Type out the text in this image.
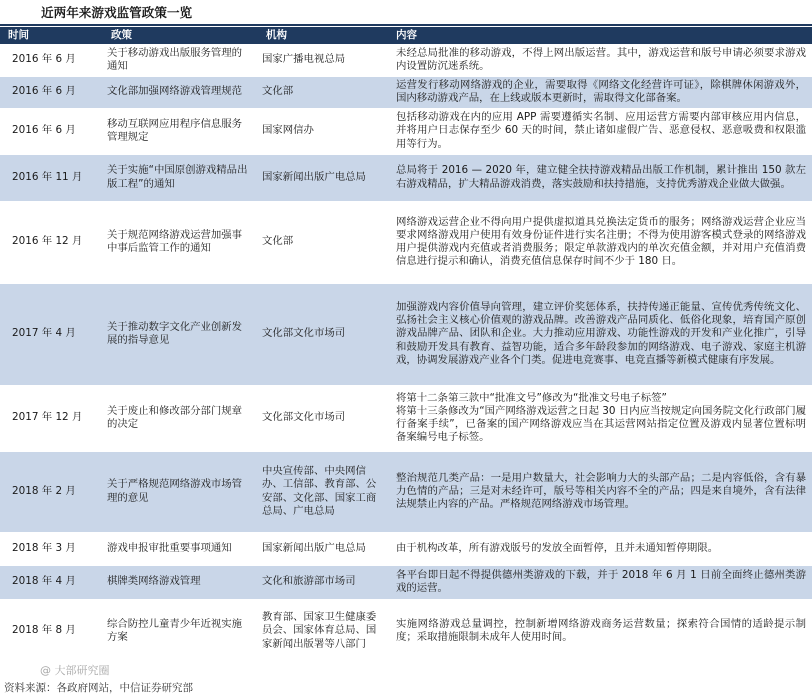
近两年来游戏监管政策一览
时间	政策	机构	内容
2016 年 6 月	关于移动游戏出版服务管理的通知	国家广播电视总局	未经总局批准的移动游戏，不得上网出版运营。其中，游戏运营和版号申请必须要求游戏内设置防沉迷系统。
2016 年 6 月	文化部加强网络游戏管理规范	文化部	运营发行移动网络游戏的企业，需要取得《网络文化经营许可证》，除棋牌休闲游戏外，国内移动游戏产品，在上线或版本更新时，需取得文化部备案。
2016 年 6 月	移动互联网应用程序信息服务管理规定	国家网信办	包括移动游戏在内的应用 APP 需要遵循实名制、应用运营方需要内部审核应用内信息，并将用户日志保存至少 60 天的时间，禁止诸如虚假广告、恶意侵权、恶意吸费和权限滥用等行为。
2016 年 11 月	关于实施“中国原创游戏精品出版工程”的通知	国家新闻出版广电总局	总局将于 2016 — 2020 年，建立健全扶持游戏精品出版工作机制，累计推出 150 款左右游戏精品，扩大精品游戏消费，落实鼓励和扶持措施，支持优秀游戏企业做大做强。
2016 年 12 月	关于规范网络游戏运营加强事中事后监管工作的通知	文化部	网络游戏运营企业不得向用户提供虚拟道具兑换法定货币的服务；网络游戏运营企业应当要求网络游戏用户使用有效身份证件进行实名注册；不得为使用游客模式登录的网络游戏用户提供游戏内充值或者消费服务；限定单款游戏内的单次充值金额，并对用户充值消费信息进行提示和确认，消费充值信息保存时间不少于 180 日。
2017 年 4 月	关于推动数字文化产业创新发展的指导意见	文化部文化市场司	加强游戏内容价值导向管理，建立评价奖惩体系，扶持传递正能量、宣传优秀传统文化、弘扬社会主义核心价值观的游戏品牌。改善游戏产品同质化、低俗化现象，培育国产原创游戏品牌产品、团队和企业。大力推动应用游戏、功能性游戏的开发和产业化推广，引导和鼓励开发具有教育、益智功能，适合多年龄段参加的网络游戏、电子游戏、家庭主机游戏，协调发展游戏产业各个门类。促进电竞赛事、电竞直播等新模式健康有序发展。
2017 年 12 月	关于废止和修改部分部门规章的决定	文化部文化市场司	将第十二条第三款中“批准文号”修改为“批准文号电子标签”
将第十三条修改为“国产网络游戏运营之日起 30 日内应当按规定向国务院文化行政部门履行备案手续”，已备案的国产网络游戏应当在其运营网站指定位置及游戏内显著位置标明备案编号电子标签。
2018 年 2 月	关于严格规范网络游戏市场管理的意见	中央宣传部、中央网信办、工信部、教育部、公安部、文化部、国家工商总局、广电总局	整治规范几类产品：一是用户数量大，社会影响力大的头部产品；二是内容低俗，含有暴力色情的产品；三是对未经许可，版号等相关内容不全的产品；四是来自境外，含有法律法规禁止内容的产品。严格规范网络游戏市场管理。
2018 年 3 月	游戏申报审批重要事项通知	国家新闻出版广电总局	由于机构改革，所有游戏版号的发放全面暂停，且并未通知暂停期限。
2018 年 4 月	棋牌类网络游戏管理	文化和旅游部市场司	各平台即日起不得提供德州类游戏的下载，并于 2018 年 6 月 1 日前全面终止德州类游戏的运营。
2018 年 8 月	综合防控儿童青少年近视实施方案	教育部、国家卫生健康委员会、国家体育总局、国家新闻出版署等八部门	实施网络游戏总量调控，控制新增网络游戏商务运营数量；探索符合国情的适龄提示制度；采取措施限制未成年人使用时间。
@ 大部研究圈
资料来源：各政府网站，中信证券研究部
